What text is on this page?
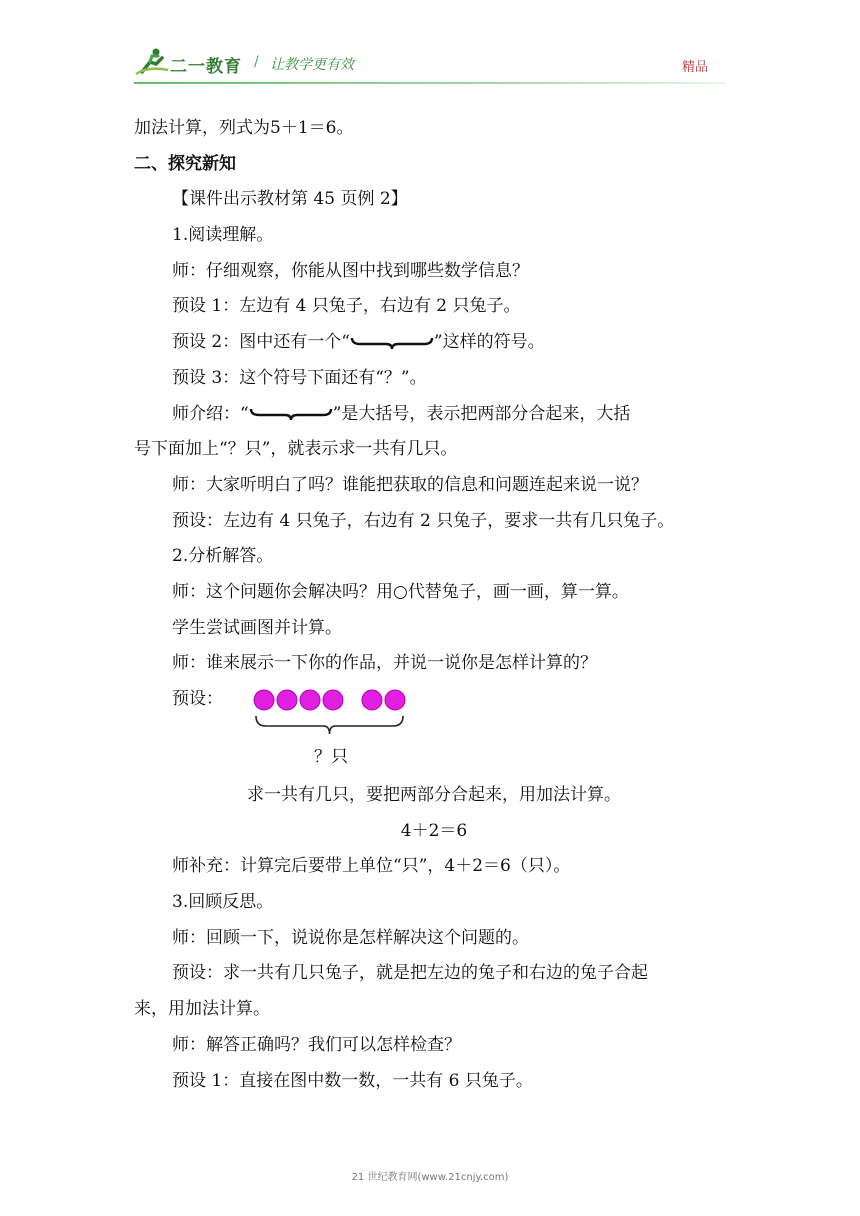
二一教育 / 让教学更有效	精品
加法计算，列式为5＋1＝6。
二、探究新知
【课件出示教材第 45 页例 2】
1.阅读理解。
师：仔细观察，你能从图中找到哪些数学信息？
预设 1：左边有 4 只兔子，右边有 2 只兔子。
预设 2：图中还有一个“	”这样的符号。
预设 3：这个符号下面还有“？”。
师介绍：“	”是大括号，表示把两部分合起来，大括
号下面加上“？只”，就表示求一共有几只。
师：大家听明白了吗？谁能把获取的信息和问题连起来说一说？
预设：左边有 4 只兔子，右边有 2 只兔子，要求一共有几只兔子。
2.分析解答。
师：这个问题你会解决吗？用○代替兔子，画一画，算一算。
学生尝试画图并计算。
师：谁来展示一下你的作品，并说一说你是怎样计算的？
预设：
？只
求一共有几只，要把两部分合起来，用加法计算。
4＋2＝6
师补充：计算完后要带上单位“只”，4＋2＝6（只）。
3.回顾反思。
师：回顾一下，说说你是怎样解决这个问题的。
预设：求一共有几只兔子，就是把左边的兔子和右边的兔子合起
来，用加法计算。
师：解答正确吗？我们可以怎样检查？
预设 1：直接在图中数一数，一共有 6 只兔子。
21 世纪教育网(www.21cnjy.com)
